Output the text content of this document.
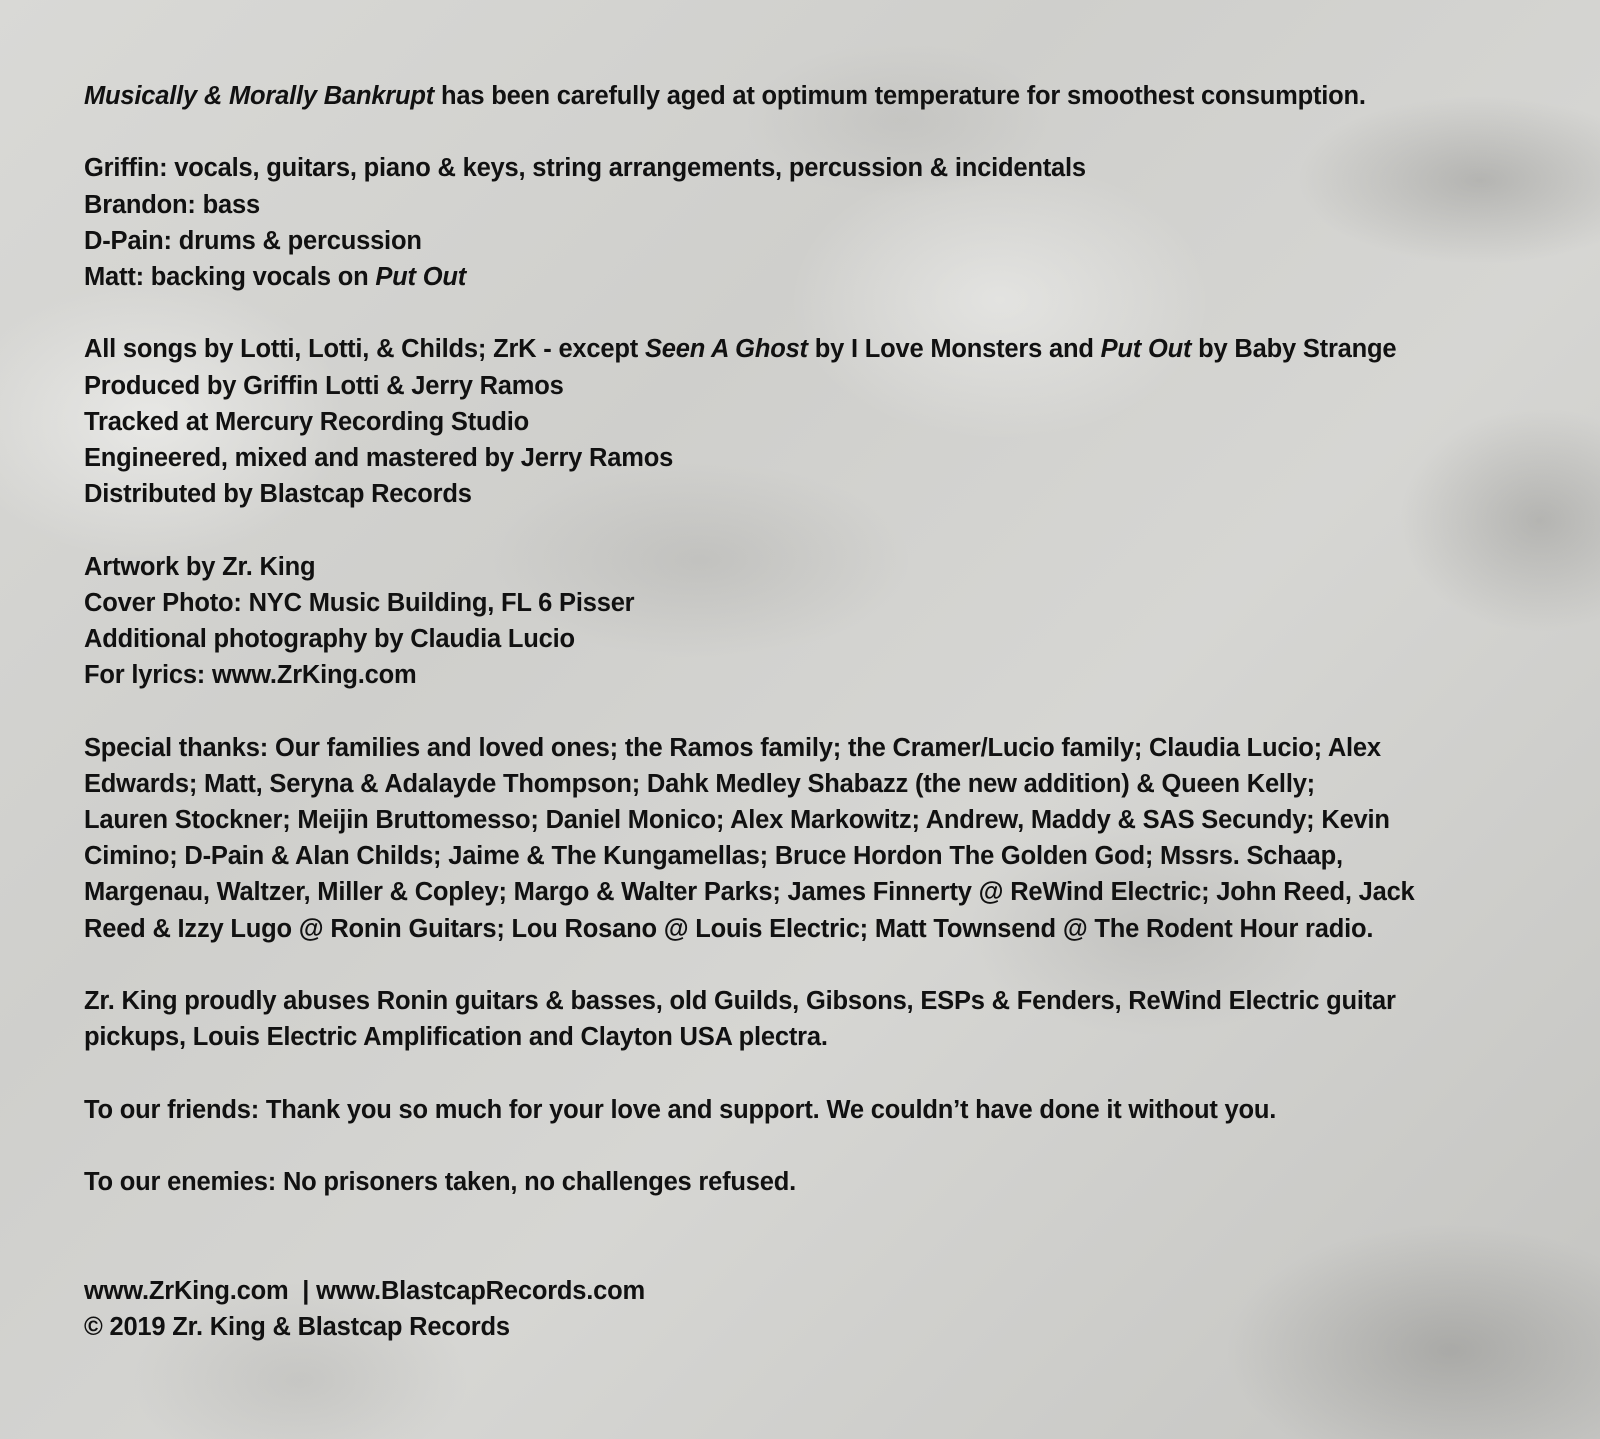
Musically & Morally Bankrupt has been carefully aged at optimum temperature for smoothest consumption.

Griffin: vocals, guitars, piano & keys, string arrangements, percussion & incidentals

Brandon: bass

D-Pain: drums & percussion

Matt: backing vocals on Put Out

All songs by Lotti, Lotti, & Childs; ZrK - except Seen A Ghost by I Love Monsters and Put Out by Baby Strange

Produced by Griffin Lotti & Jerry Ramos

Tracked at Mercury Recording Studio

Engineered, mixed and mastered by Jerry Ramos

Distributed by Blastcap Records

Artwork by Zr. King

Cover Photo: NYC Music Building, FL 6 Pisser

Additional photography by Claudia Lucio

For lyrics: www.ZrKing.com

Special thanks: Our families and loved ones; the Ramos family; the Cramer/Lucio family; Claudia Lucio; Alex

Edwards; Matt, Seryna & Adalayde Thompson; Dahk Medley Shabazz (the new addition) & Queen Kelly;

Lauren Stockner; Meijin Bruttomesso; Daniel Monico; Alex Markowitz; Andrew, Maddy & SAS Secundy; Kevin

Cimino; D-Pain & Alan Childs; Jaime & The Kungamellas; Bruce Hordon The Golden God; Mssrs. Schaap,

Margenau, Waltzer, Miller & Copley; Margo & Walter Parks; James Finnerty @ ReWind Electric; John Reed, Jack

Reed & Izzy Lugo @ Ronin Guitars; Lou Rosano @ Louis Electric; Matt Townsend @ The Rodent Hour radio.

Zr. King proudly abuses Ronin guitars & basses, old Guilds, Gibsons, ESPs & Fenders, ReWind Electric guitar

pickups, Louis Electric Amplification and Clayton USA plectra.

To our friends: Thank you so much for your love and support. We couldn’t have done it without you.

To our enemies: No prisoners taken, no challenges refused.

www.ZrKing.com  | www.BlastcapRecords.com

© 2019 Zr. King & Blastcap Records
